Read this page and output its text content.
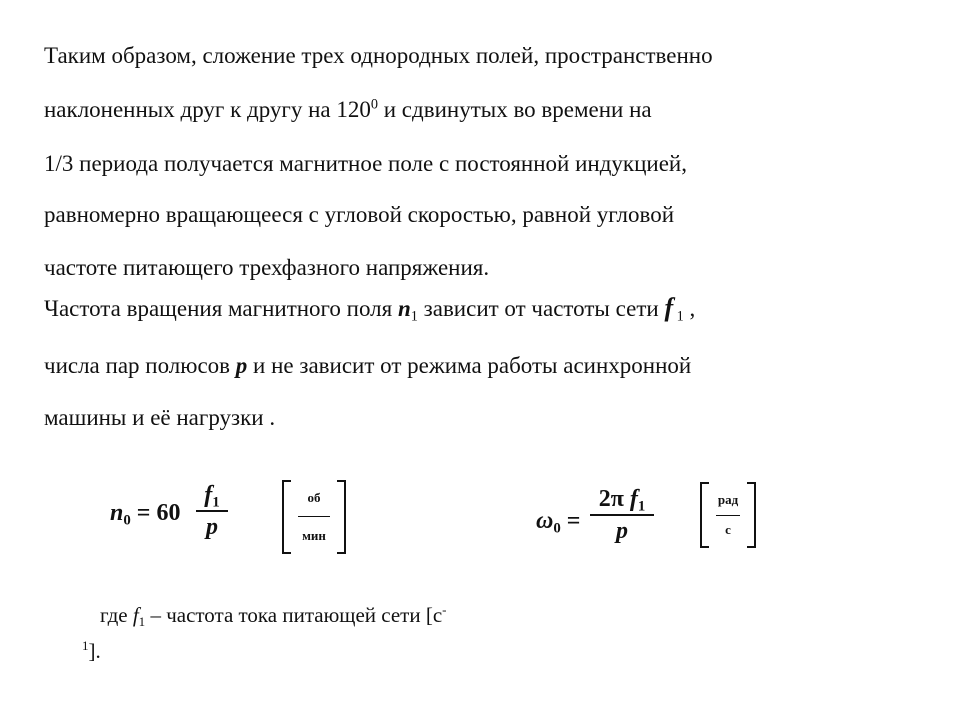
Таким образом, сложение трех однородных полей, пространственно
наклоненных друг к другу на $120^0$ и сдвинутых во времени на
1/3 периода получается магнитное поле с постоянной индукцией,
равномерно вращающееся с угловой скоростью, равной угловой
частоте питающего трехфазного напряжения.
Частота вращения магнитного поля $n_1$ зависит от частоты сети f $_1$ ,
числа пар полюсов p и не зависит от режима работы асинхронной
машины и её нагрузки .
$n_0 = 60$
$f_1$
p
об
мин
$\omega_0$ =
2π $f_1$
p
рад
с
где $f_1$ – частота тока питающей сети [с-
$^1$].
